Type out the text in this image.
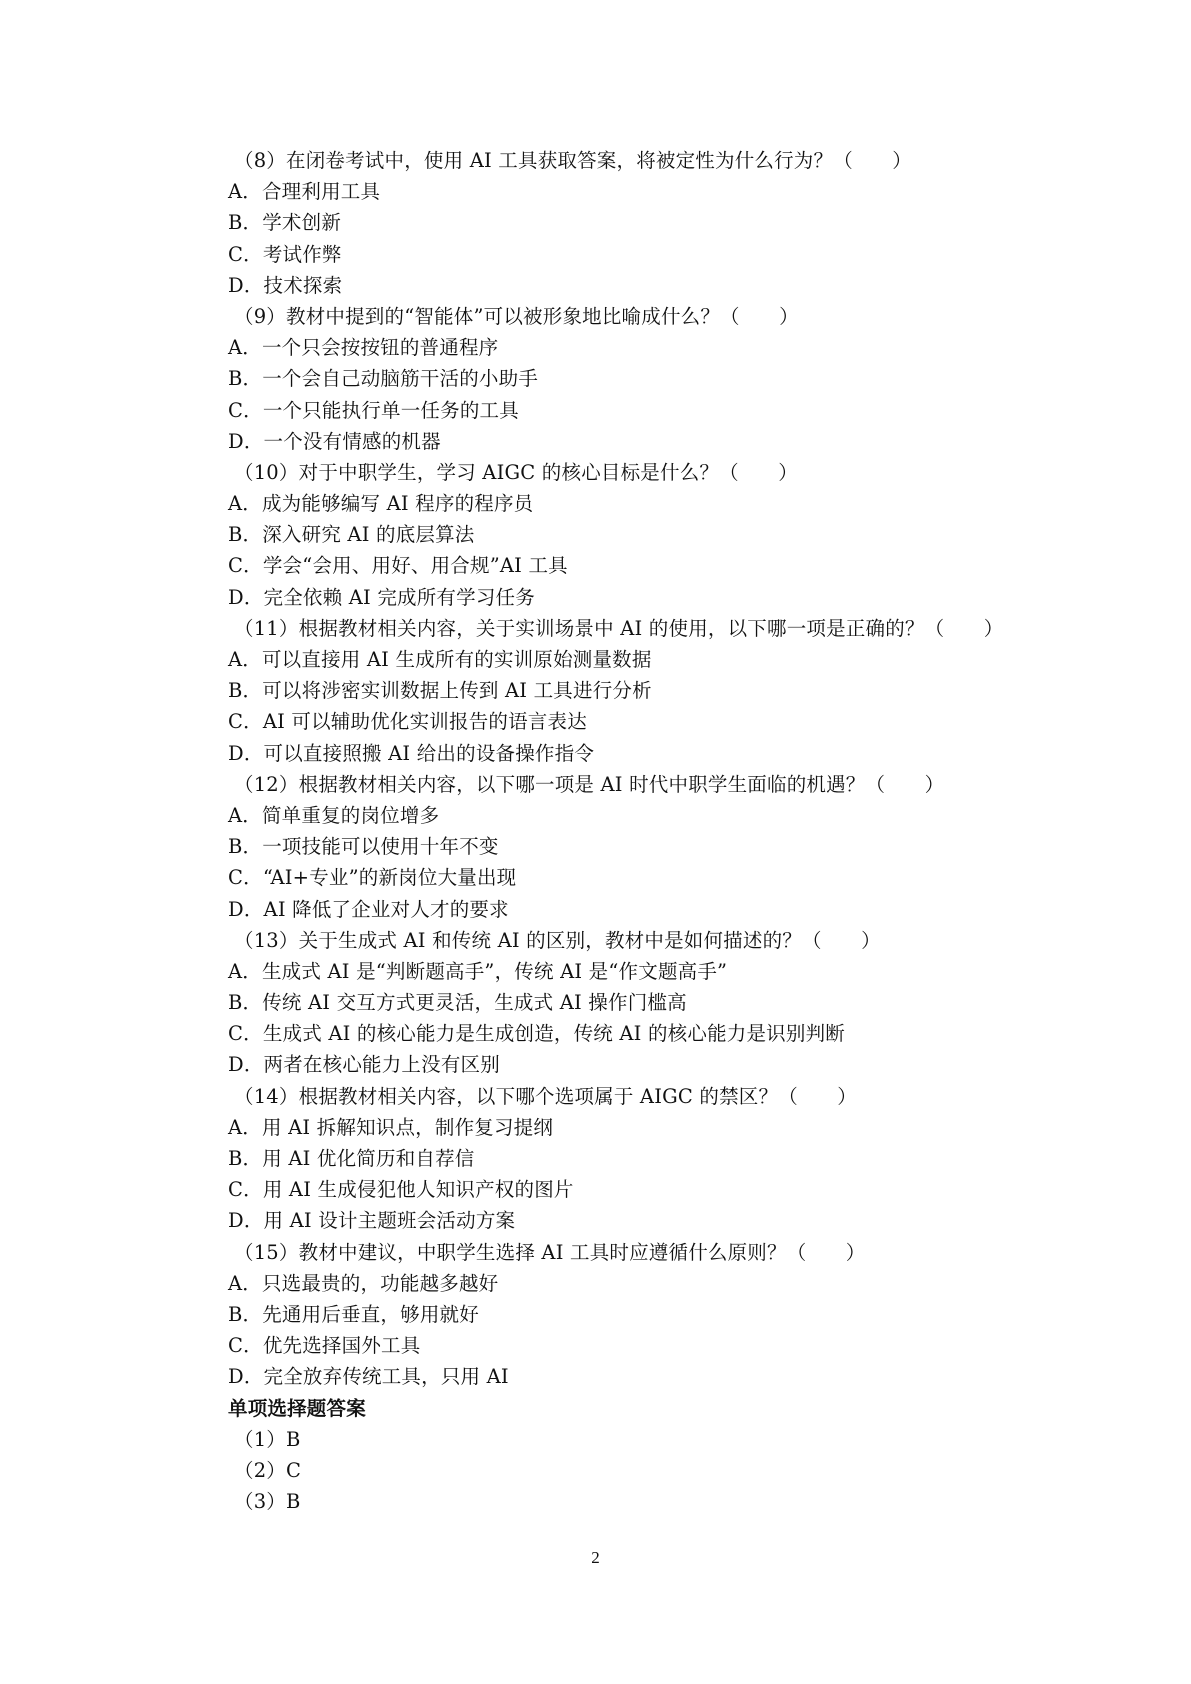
（8）在闭卷考试中，使用 AI 工具获取答案，将被定性为什么行为？（　　）
A．合理利用工具
B．学术创新
C．考试作弊
D．技术探索
（9）教材中提到的“智能体”可以被形象地比喻成什么？（　　）
A．一个只会按按钮的普通程序
B．一个会自己动脑筋干活的小助手
C．一个只能执行单一任务的工具
D．一个没有情感的机器
（10）对于中职学生，学习 AIGC 的核心目标是什么？（　　）
A．成为能够编写 AI 程序的程序员
B．深入研究 AI 的底层算法
C．学会“会用、用好、用合规”AI 工具
D．完全依赖 AI 完成所有学习任务
（11）根据教材相关内容，关于实训场景中 AI 的使用，以下哪一项是正确的？（　　）
A．可以直接用 AI 生成所有的实训原始测量数据
B．可以将涉密实训数据上传到 AI 工具进行分析
C．AI 可以辅助优化实训报告的语言表达
D．可以直接照搬 AI 给出的设备操作指令
（12）根据教材相关内容，以下哪一项是 AI 时代中职学生面临的机遇？（　　）
A．简单重复的岗位增多
B．一项技能可以使用十年不变
C．“AI+专业”的新岗位大量出现
D．AI 降低了企业对人才的要求
（13）关于生成式 AI 和传统 AI 的区别，教材中是如何描述的？（　　）
A．生成式 AI 是“判断题高手”，传统 AI 是“作文题高手”
B．传统 AI 交互方式更灵活，生成式 AI 操作门槛高
C．生成式 AI 的核心能力是生成创造，传统 AI 的核心能力是识别判断
D．两者在核心能力上没有区别
（14）根据教材相关内容，以下哪个选项属于 AIGC 的禁区？（　　）
A．用 AI 拆解知识点，制作复习提纲
B．用 AI 优化简历和自荐信
C．用 AI 生成侵犯他人知识产权的图片
D．用 AI 设计主题班会活动方案
（15）教材中建议，中职学生选择 AI 工具时应遵循什么原则？（　　）
A．只选最贵的，功能越多越好
B．先通用后垂直，够用就好
C．优先选择国外工具
D．完全放弃传统工具，只用 AI
单项选择题答案
（1）B
（2）C
（3）B
2
